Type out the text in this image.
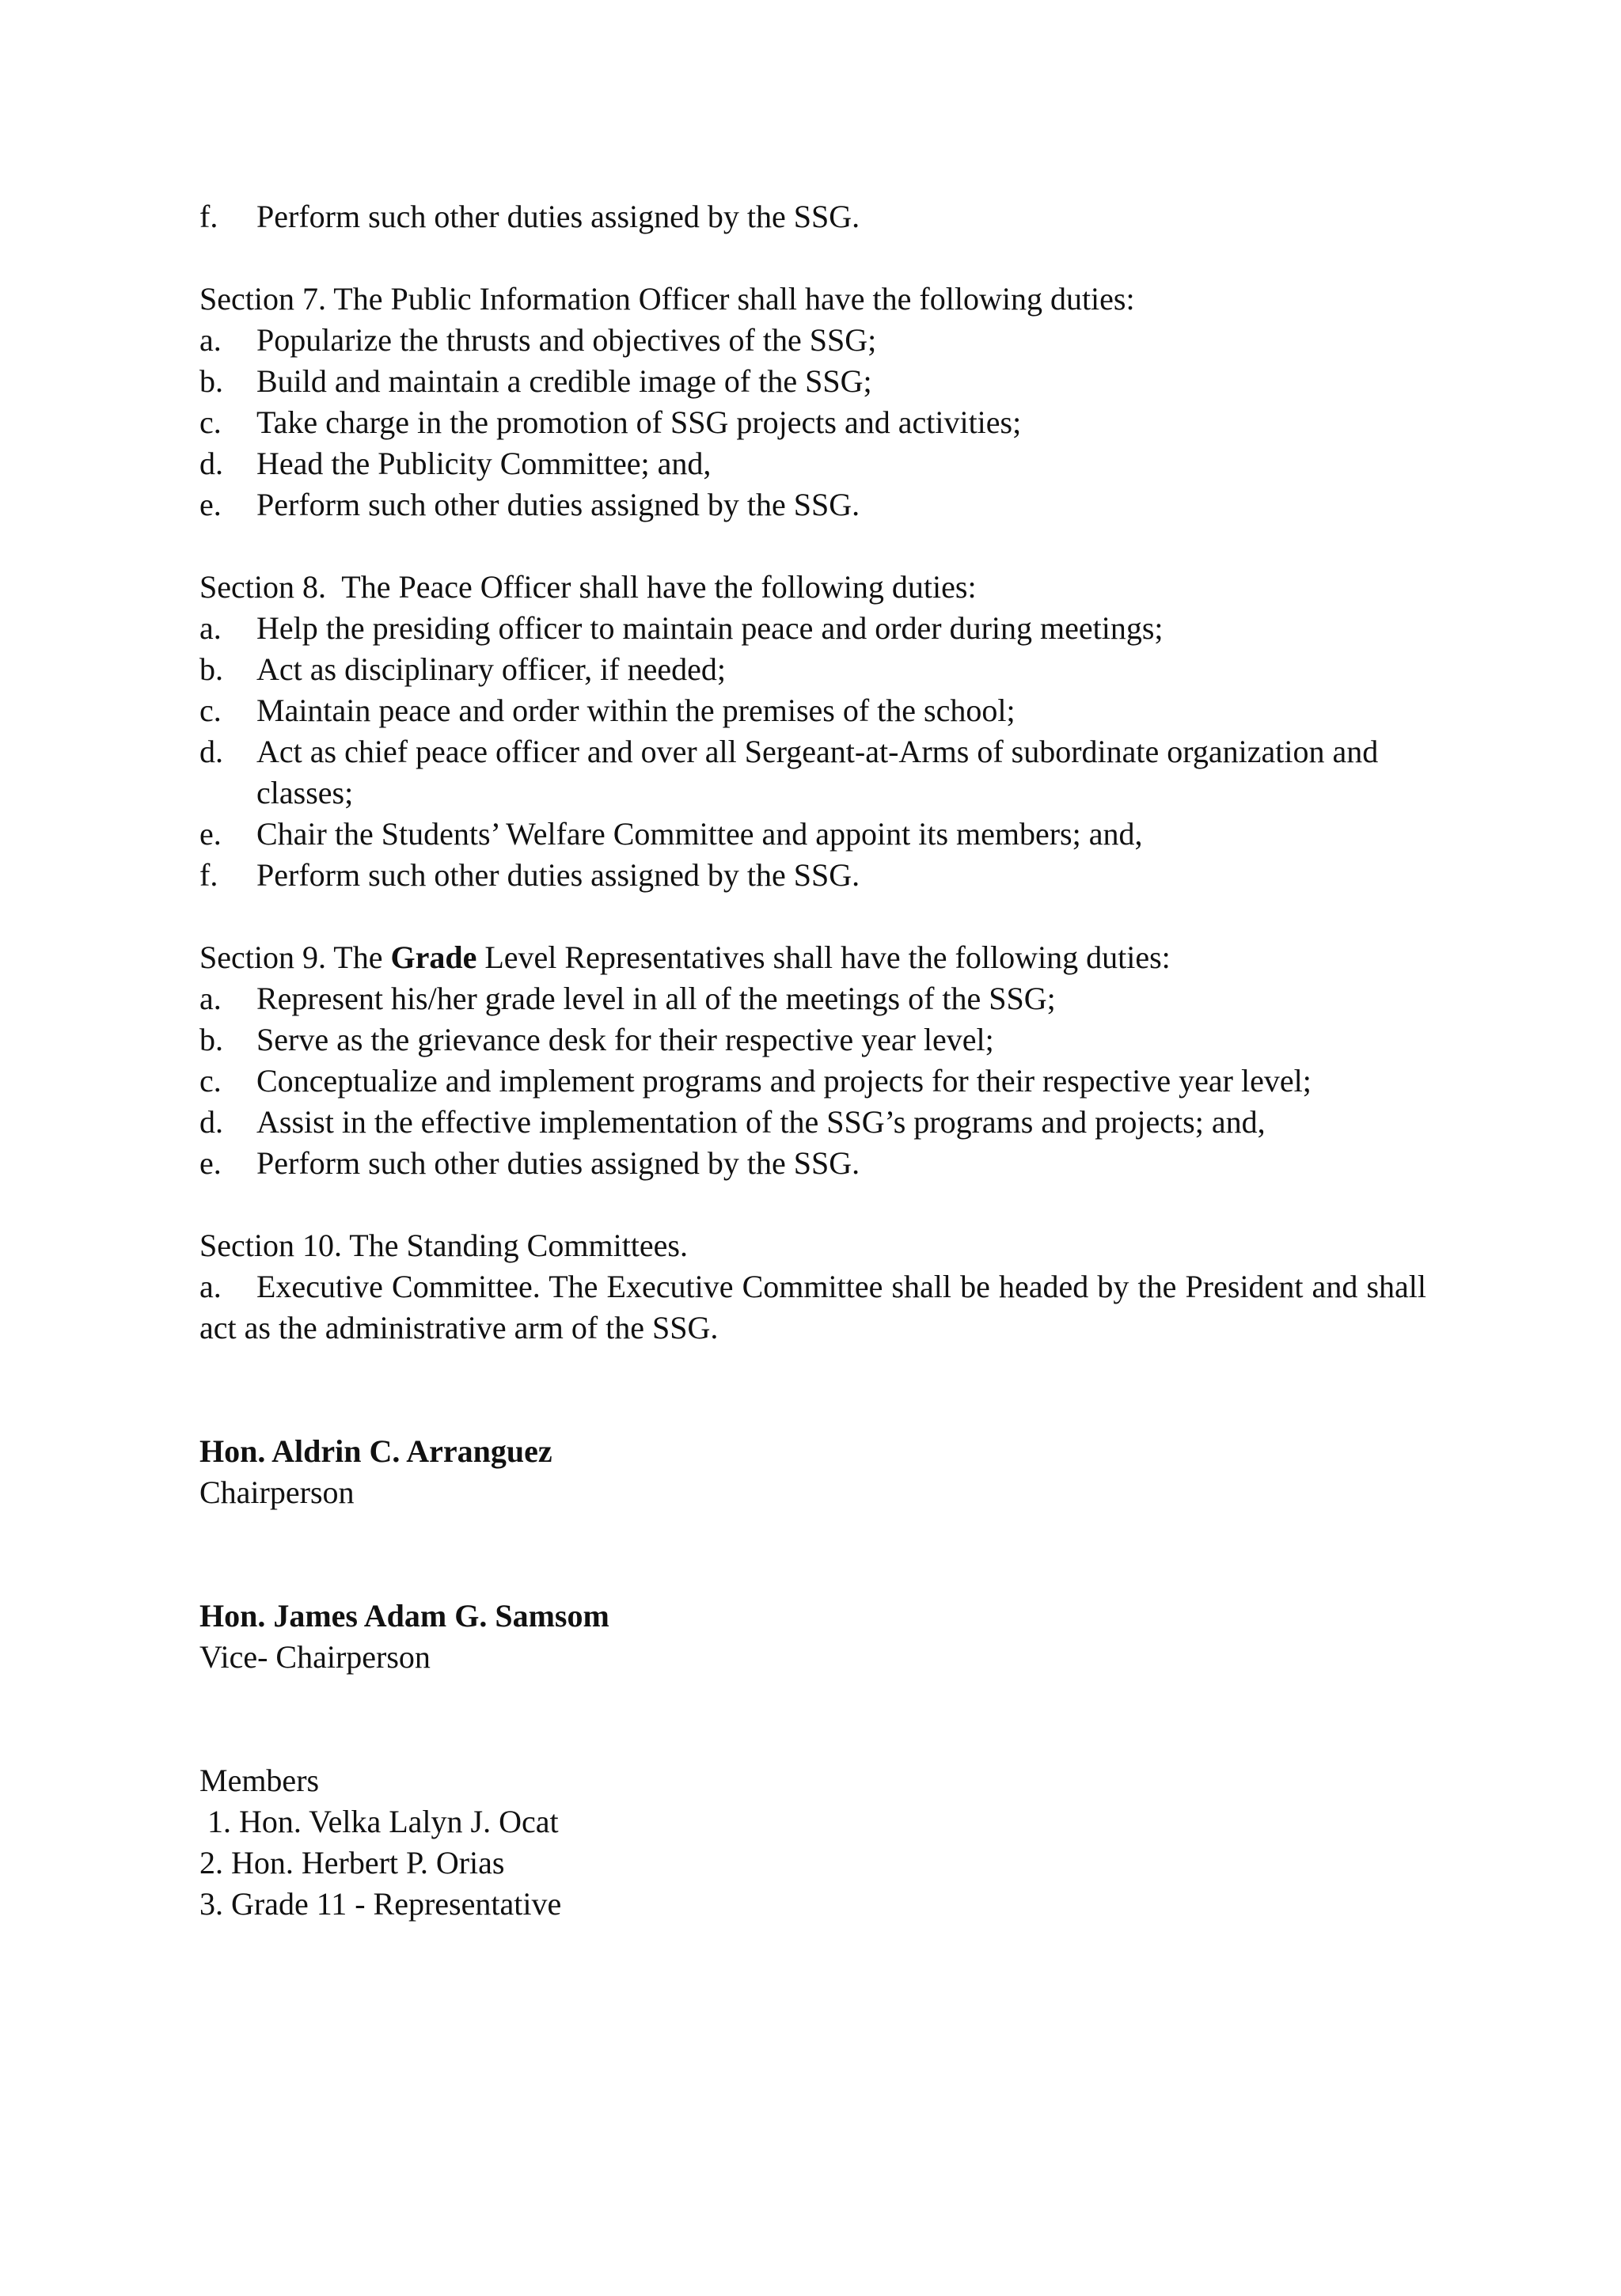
f. Perform such other duties assigned by the SSG.

Section 7. The Public Information Officer shall have the following duties:

a. Popularize the thrusts and objectives of the SSG;

b. Build and maintain a credible image of the SSG;

c. Take charge in the promotion of SSG projects and activities;

d. Head the Publicity Committee; and,

e. Perform such other duties assigned by the SSG.

Section 8.  The Peace Officer shall have the following duties:

a. Help the presiding officer to maintain peace and order during meetings;

b. Act as disciplinary officer, if needed;

c. Maintain peace and order within the premises of the school;

d. Act as chief peace officer and over all Sergeant-at-Arms of subordinate organization and classes;

e. Chair the Students’ Welfare Committee and appoint its members; and,

f. Perform such other duties assigned by the SSG.

Section 9. The Grade Level Representatives shall have the following duties:

a. Represent his/her grade level in all of the meetings of the SSG;

b. Serve as the grievance desk for their respective year level;

c. Conceptualize and implement programs and projects for their respective year level;

d. Assist in the effective implementation of the SSG’s programs and projects; and,

e. Perform such other duties assigned by the SSG.

Section 10. The Standing Committees.

a. Executive Committee. The Executive Committee shall be headed by the President and shall act as the administrative arm of the SSG.

Hon. Aldrin C. Arranguez

Chairperson

Hon. James Adam G. Samsom

Vice- Chairperson

Members

1. Hon. Velka Lalyn J. Ocat

2. Hon. Herbert P. Orias

3. Grade 11 - Representative
